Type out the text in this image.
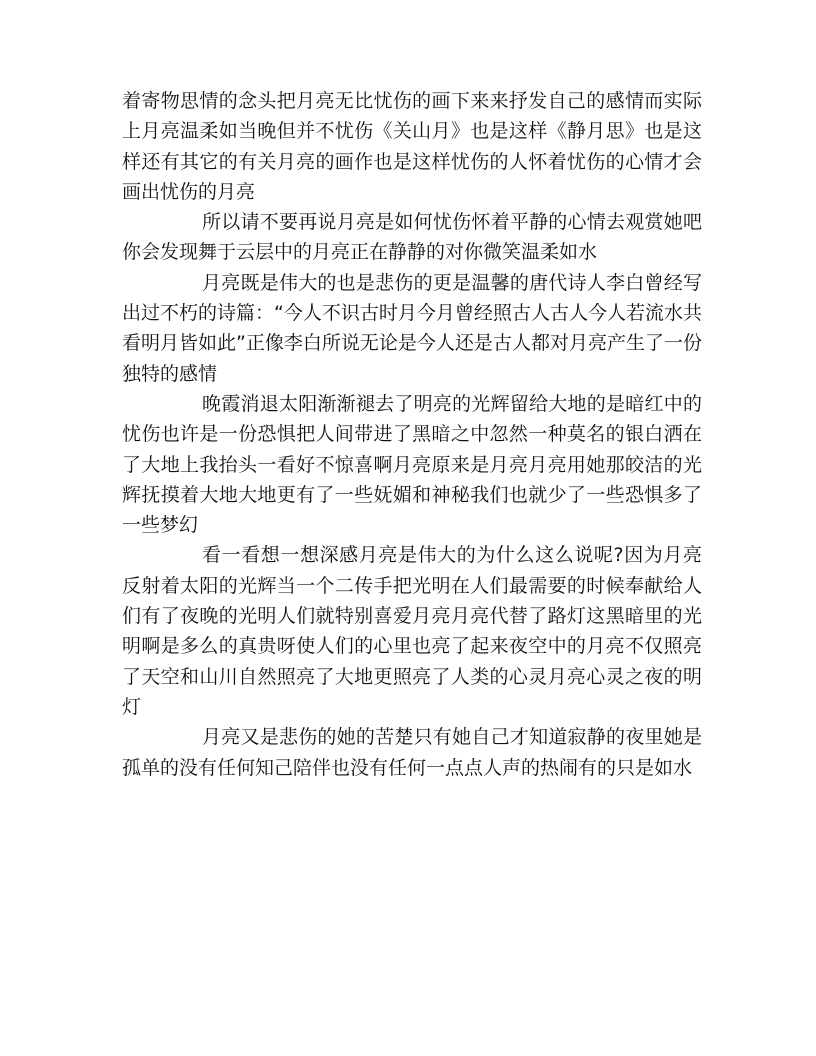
着寄物思情的念头把月亮无比忧伤的画下来来抒发自己的感情而实际上月亮温柔如当晚但并不忧伤《关山月》也是这样《静月思》也是这样还有其它的有关月亮的画作也是这样忧伤的人怀着忧伤的心情才会画出忧伤的月亮

所以请不要再说月亮是如何忧伤怀着平静的心情去观赏她吧你会发现舞于云层中的月亮正在静静的对你微笑温柔如水

月亮既是伟大的也是悲伤的更是温馨的唐代诗人李白曾经写出过不朽的诗篇：“今人不识古时月今月曾经照古人古人今人若流水共看明月皆如此”正像李白所说无论是今人还是古人都对月亮产生了一份独特的感情

晚霞消退太阳渐渐褪去了明亮的光辉留给大地的是暗红中的忧伤也许是一份恐惧把人间带进了黑暗之中忽然一种莫名的银白洒在了大地上我抬头一看好不惊喜啊月亮原来是月亮月亮用她那皎洁的光辉抚摸着大地大地更有了一些妩媚和神秘我们也就少了一些恐惧多了一些梦幻

看一看想一想深感月亮是伟大的为什么这么说呢?因为月亮反射着太阳的光辉当一个二传手把光明在人们最需要的时候奉献给人们有了夜晚的光明人们就特别喜爱月亮月亮代替了路灯这黑暗里的光明啊是多么的真贵呀使人们的心里也亮了起来夜空中的月亮不仅照亮了天空和山川自然照亮了大地更照亮了人类的心灵月亮心灵之夜的明灯

月亮又是悲伤的她的苦楚只有她自己才知道寂静的夜里她是孤单的没有任何知己陪伴也没有任何一点点人声的热闹有的只是如水
